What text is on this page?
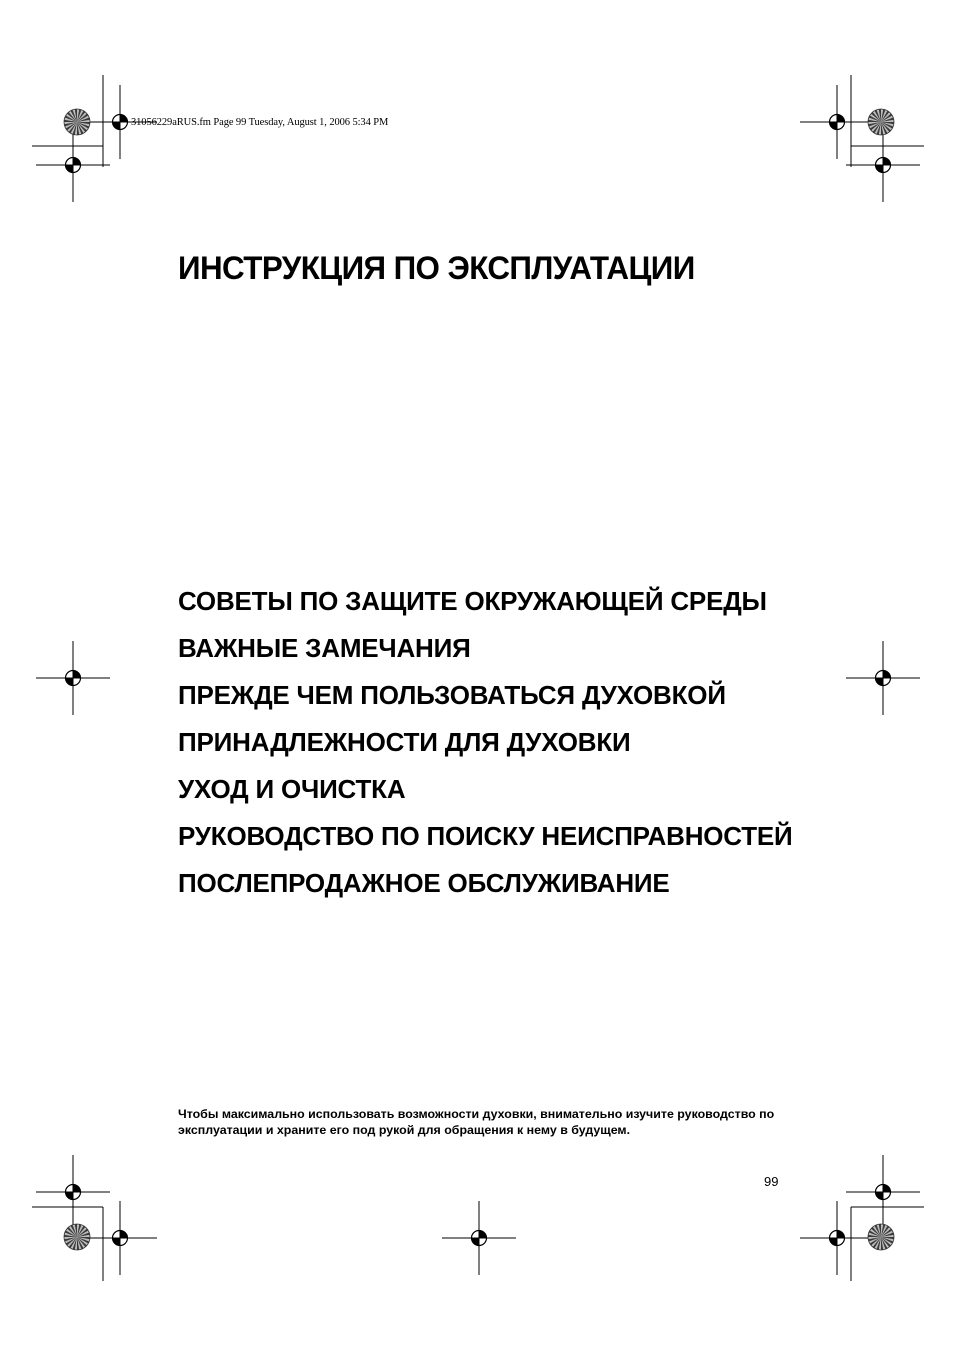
31056229aRUS.fm Page 99 Tuesday, August 1, 2006 5:34 PM
ИНСТРУКЦИЯ ПО ЭКСПЛУАТАЦИИ
СОВЕТЫ ПО ЗАЩИТЕ ОКРУЖАЮЩЕЙ СРЕДЫ
ВАЖНЫЕ ЗАМЕЧАНИЯ
ПРЕЖДЕ ЧЕМ ПОЛЬЗОВАТЬСЯ ДУХОВКОЙ
ПРИНАДЛЕЖНОСТИ ДЛЯ ДУХОВКИ
УХОД И ОЧИСТКА
РУКОВОДСТВО ПО ПОИСКУ НЕИСПРАВНОСТЕЙ
ПОСЛЕПРОДАЖНОЕ ОБСЛУЖИВАНИЕ

Чтобы максимально использовать возможности духовки, внимательно изучите руководство по эксплуатации и храните его под рукой для обращения к нему в будущем.

99
